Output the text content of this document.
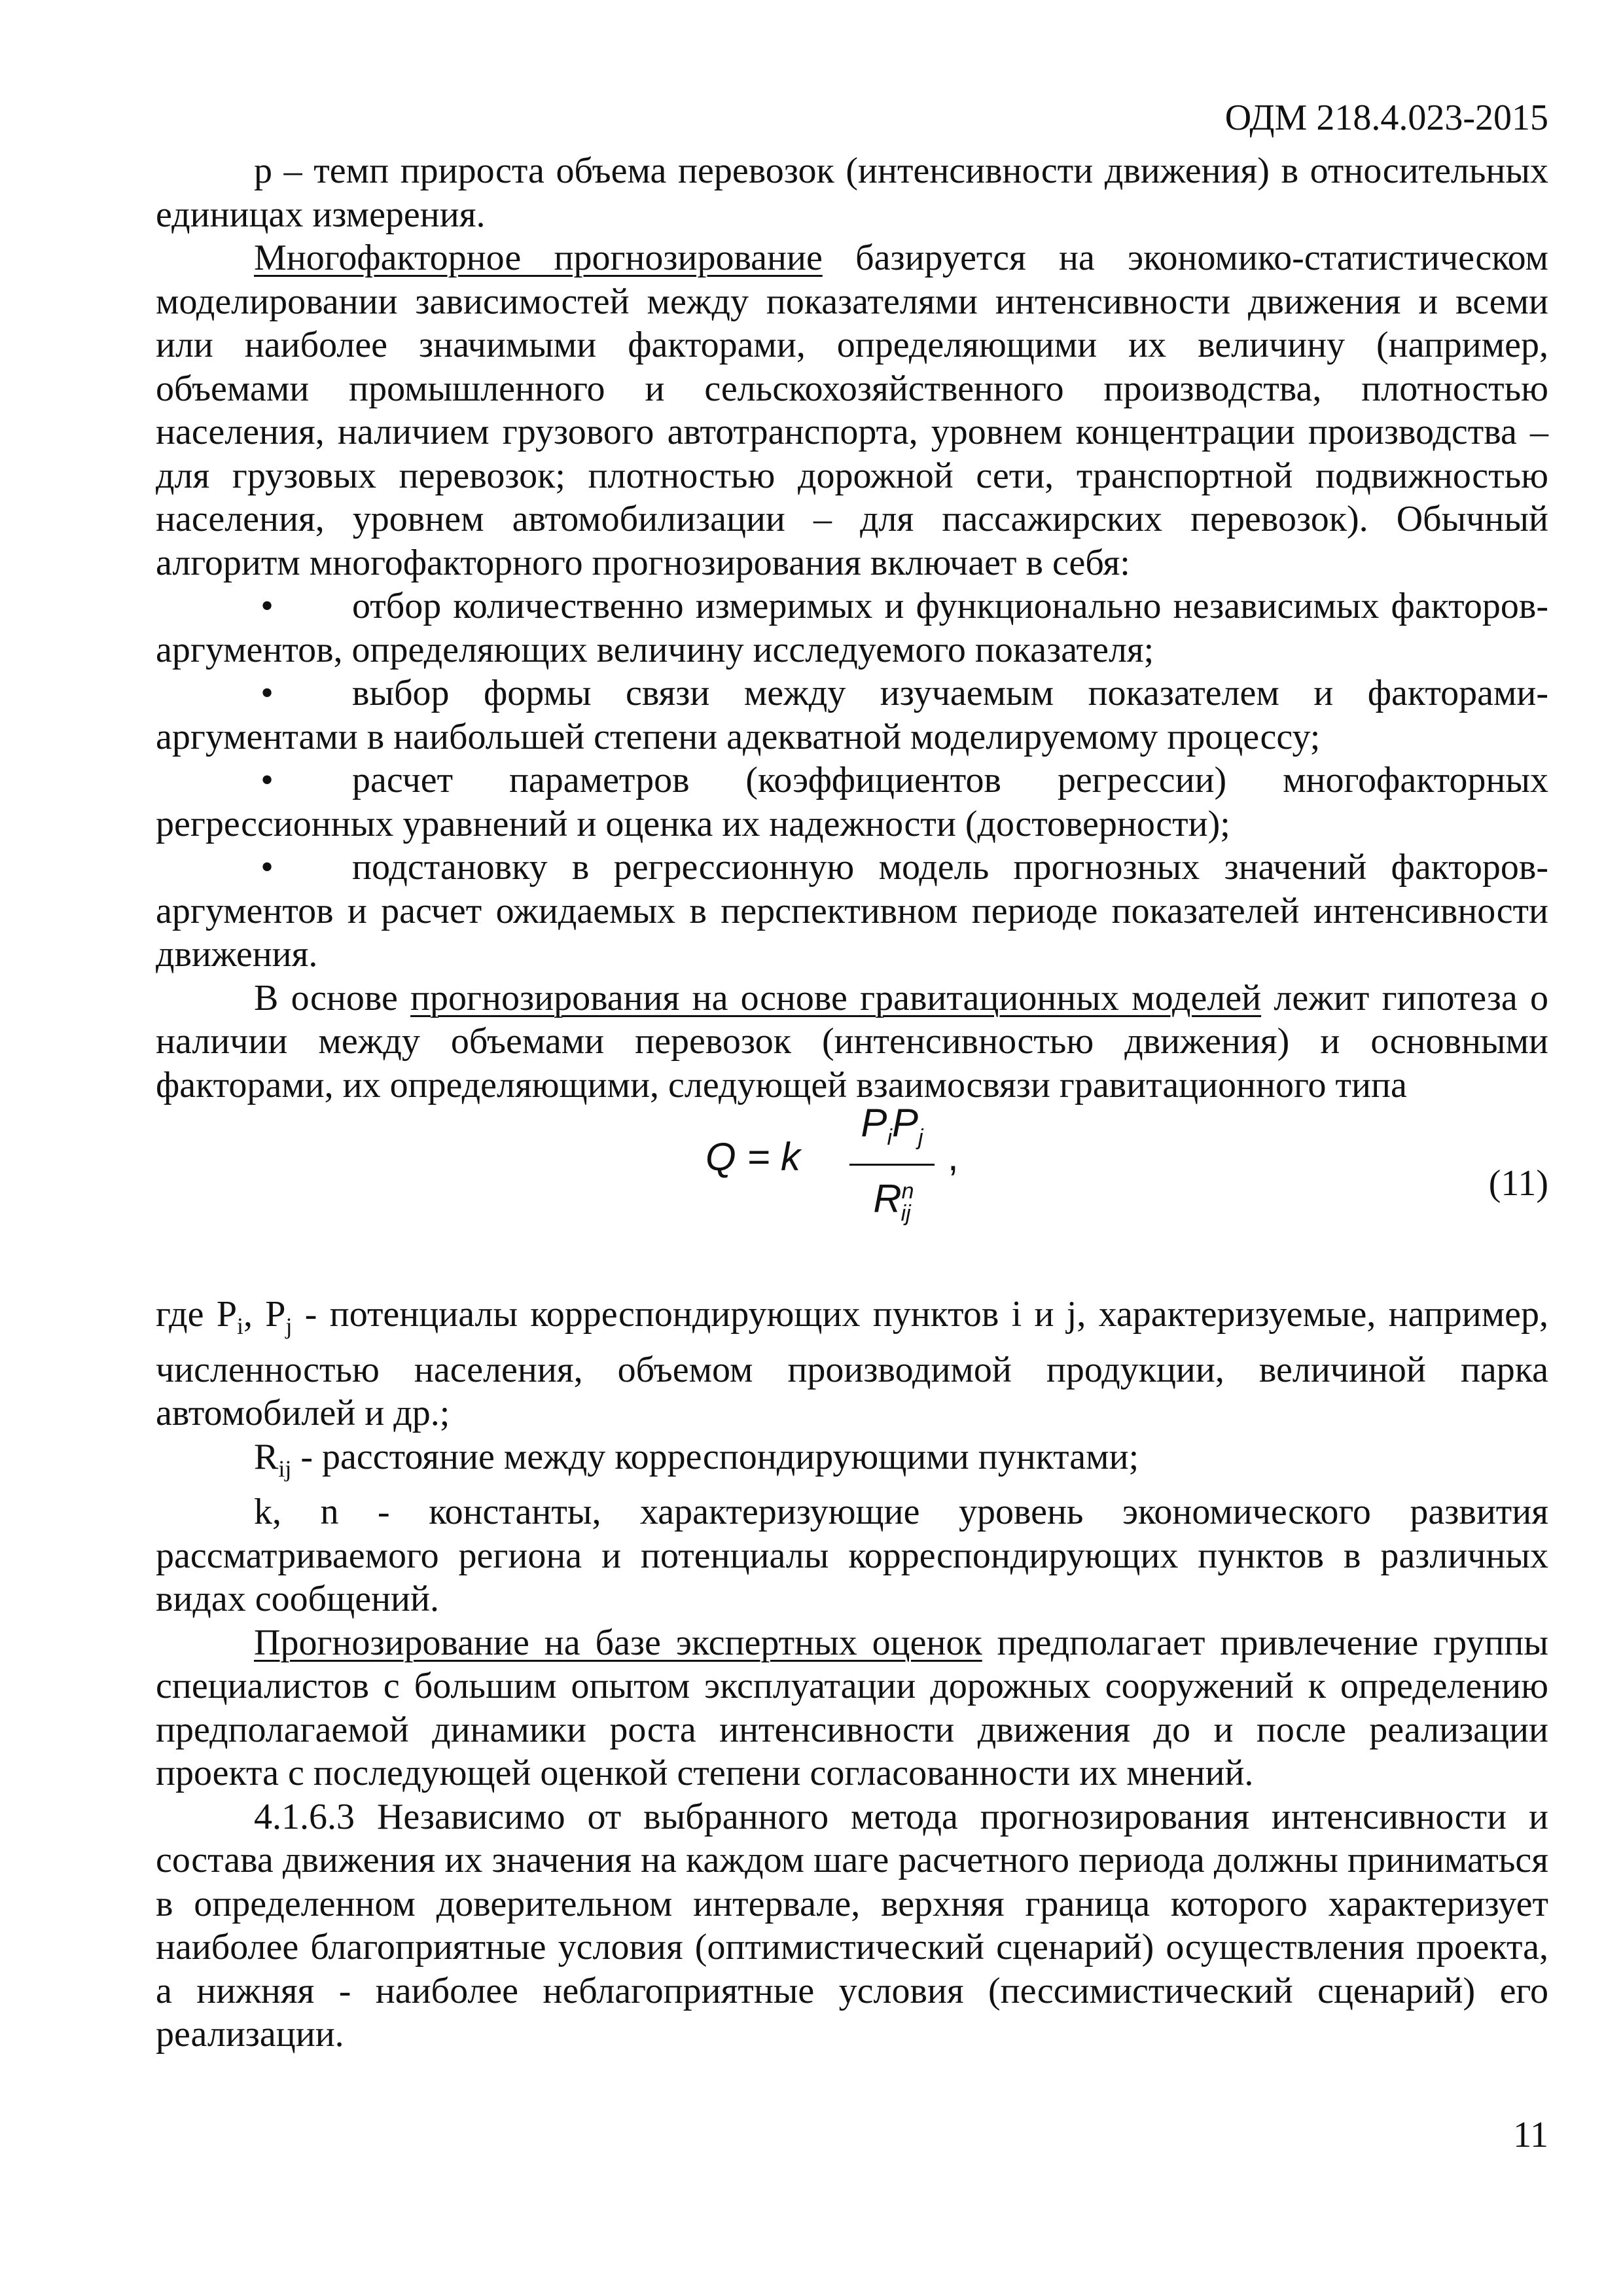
ОДМ 218.4.023-2015

р – темп прироста объема перевозок (интенсивности движения) в относительных единицах измерения.

Многофакторное прогнозирование базируется на экономико-статистическом моделировании зависимостей между показателями интенсивности движения и всеми или наиболее значимыми факторами, определяющими их величину (например, объемами промышленного и сельскохозяйственного производства, плотностью населения, наличием грузового автотранспорта, уровнем концентрации производства – для грузовых перевозок; плотностью дорожной сети, транспортной подвижностью населения, уровнем автомобилизации – для пассажирских перевозок). Обычный алгоритм многофакторного прогнозирования включает в себя:

• отбор количественно измеримых и функционально независимых факторов-аргументов, определяющих величину исследуемого показателя;

• выбор формы связи между изучаемым показателем и факторами- аргументами в наибольшей степени адекватной моделируемому процессу;

• расчет параметров (коэффициентов регрессии) многофакторных регрессионных уравнений и оценка их надежности (достоверности);

• подстановку в регрессионную модель прогнозных значений факторов-аргументов и расчет ожидаемых в перспективном периоде показателей интенсивности движения.

В основе прогнозирования на основе гравитационных моделей лежит гипотеза о наличии между объемами перевозок (интенсивностью движения) и основными факторами, их определяющими, следующей взаимосвязи гравитационного типа

Q = k
$P_iP_j$
$R^n_{ij}$
,
(11)

где $P_i$, $P_j$ - потенциалы корреспондирующих пунктов i и j, характеризуемые, например, численностью населения, объемом производимой продукции, величиной парка автомобилей и др.;

$R_{ij}$ - расстояние между корреспондирующими пунктами;

k, n - константы, характеризующие уровень экономического развития рассматриваемого региона и потенциалы корреспондирующих пунктов в различных видах сообщений.

Прогнозирование на базе экспертных оценок предполагает привлечение группы специалистов с большим опытом эксплуатации дорожных сооружений к определению предполагаемой динамики роста интенсивности движения до и после реализации проекта с последующей оценкой степени согласованности их мнений.

4.1.6.3 Независимо от выбранного метода прогнозирования интенсивности и состава движения их значения на каждом шаге расчетного периода должны приниматься в определенном доверительном интервале, верхняя граница которого характеризует наиболее благоприятные условия (оптимистический сценарий) осуществления проекта, а нижняя - наиболее неблагоприятные условия (пессимистический сценарий) его реализации.

11
